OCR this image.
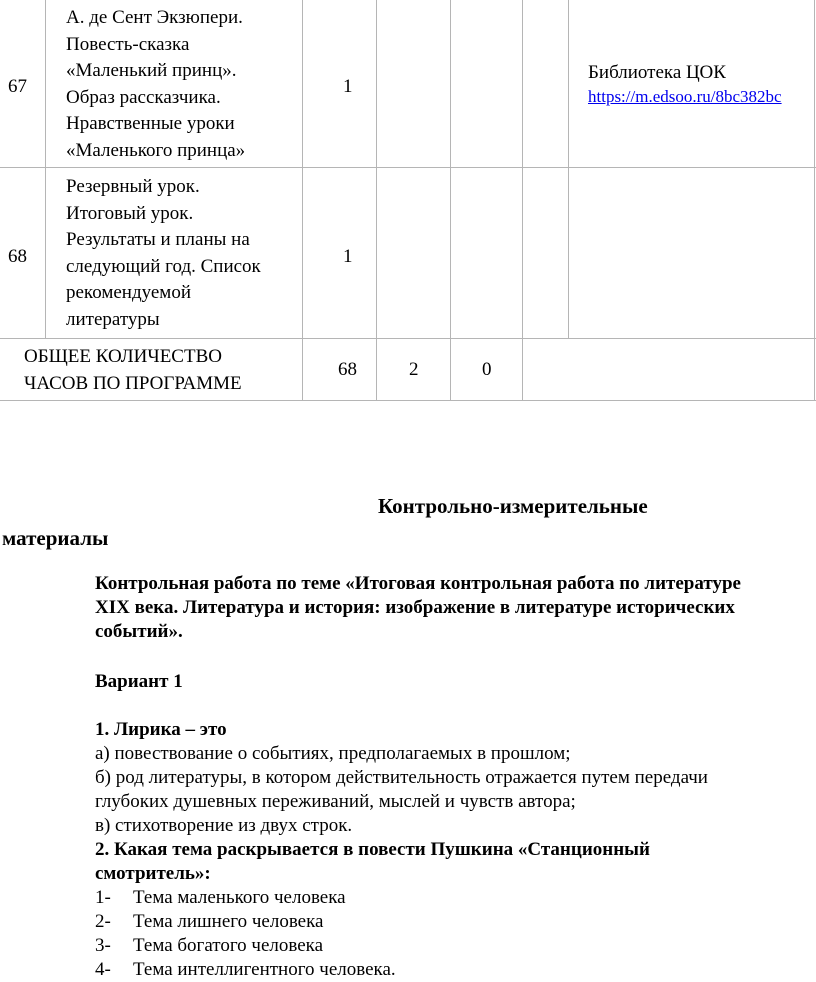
67
А. де Сент Экзюпери.
Повесть-сказка
«Маленький принц».
Образ рассказчика.
Нравственные уроки
«Маленького принца»
1
Библиотека ЦОК
https://m.edsoo.ru/8bc382bc
68
Резервный урок.
Итоговый урок.
Результаты и планы на
следующий год. Список
рекомендуемой
литературы
1
ОБЩЕЕ КОЛИЧЕСТВО
ЧАСОВ ПО ПРОГРАММЕ
68	2	0
Контрольно-измерительные
материалы
Контрольная работа по теме «Итоговая контрольная работа по литературе
XIX века. Литература и история: изображение в литературе исторических
событий».
Вариант 1
1. Лирика – это
а) повествование о событиях, предполагаемых в прошлом;
б) род литературы, в котором действительность отражается путем передачи
глубоких душевных переживаний, мыслей и чувств автора;
в) стихотворение из двух строк.
2. Какая тема раскрывается в повести Пушкина «Станционный
смотритель»:
1- Тема маленького человека
2- Тема лишнего человека
3- Тема богатого человека
4- Тема интеллигентного человека.
